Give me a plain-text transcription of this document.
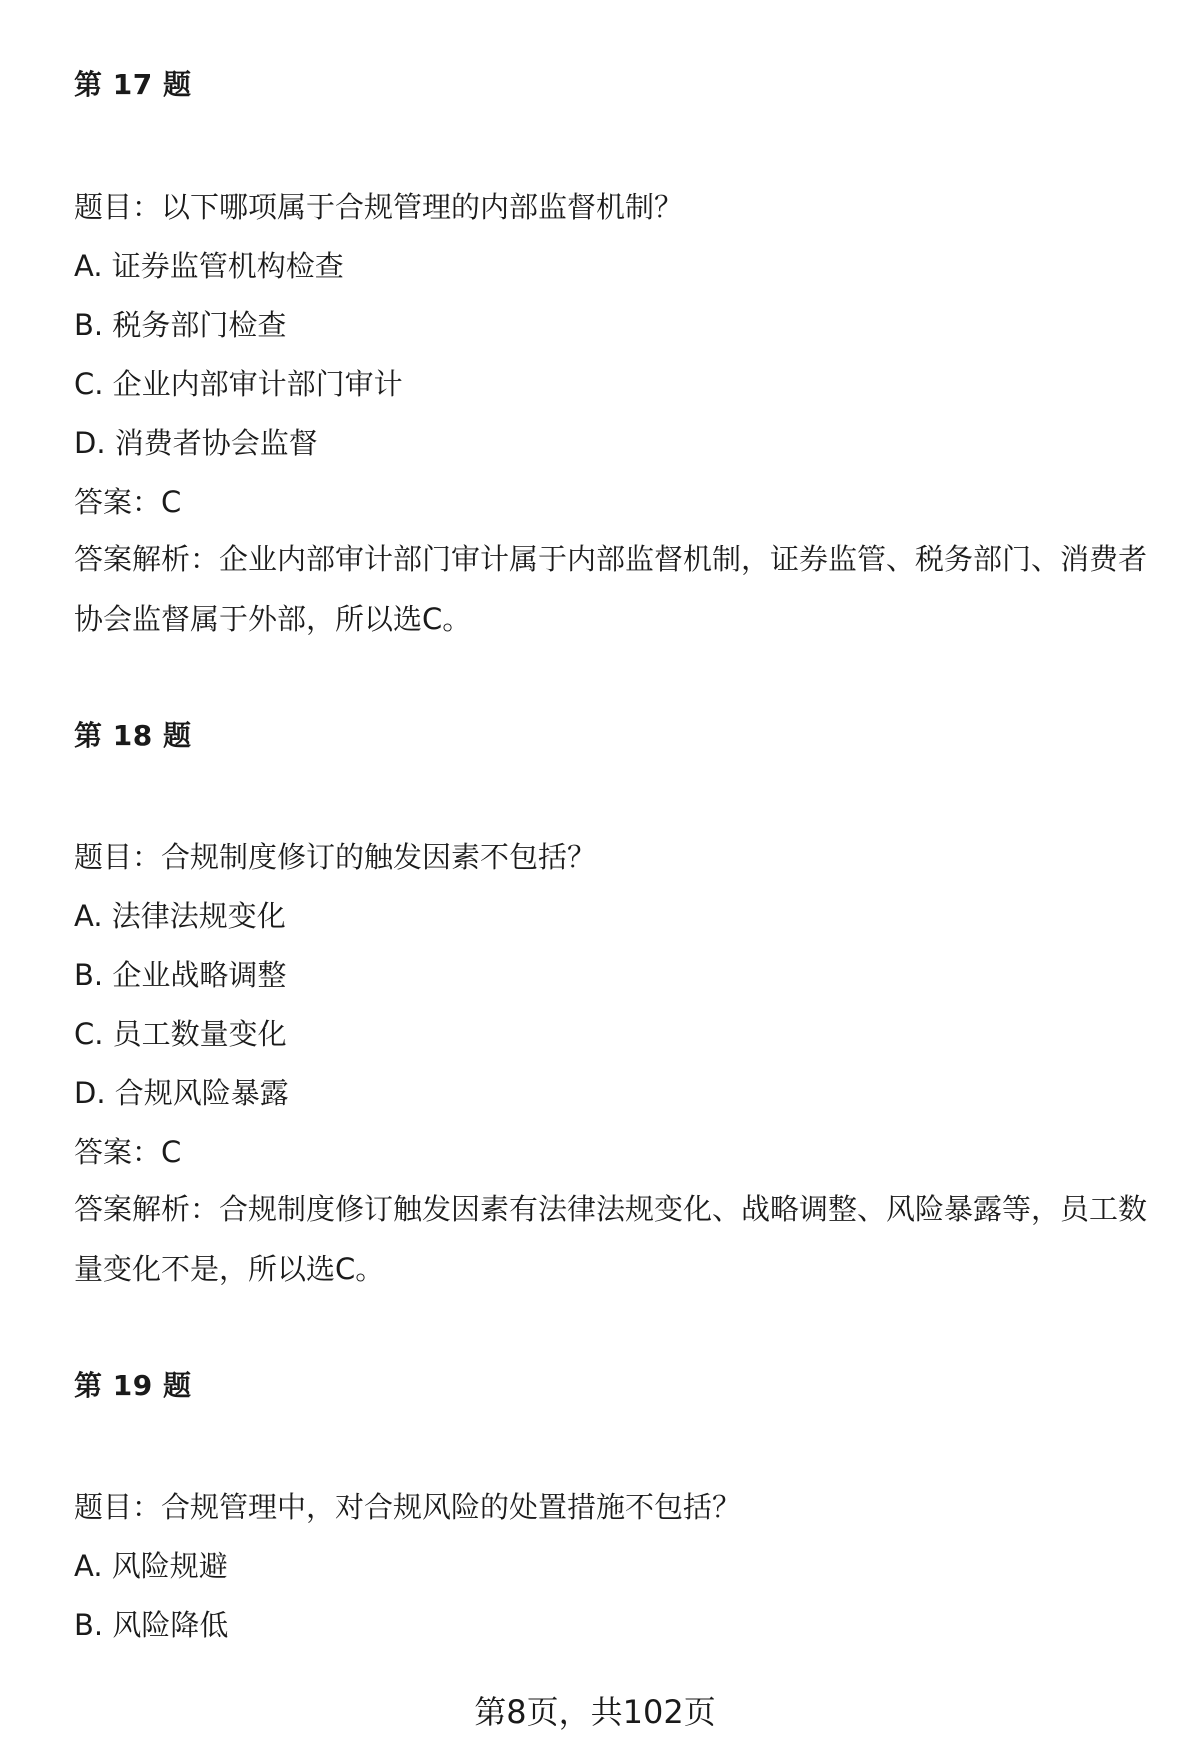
第 17 题
题目：以下哪项属于合规管理的内部监督机制？
A. 证券监管机构检查
B. 税务部门检查
C. 企业内部审计部门审计
D. 消费者协会监督
答案：C
答案解析：企业内部审计部门审计属于内部监督机制，证券监管、税务部门、消费者协会监督属于外部，所以选C。
第 18 题
题目：合规制度修订的触发因素不包括？
A. 法律法规变化
B. 企业战略调整
C. 员工数量变化
D. 合规风险暴露
答案：C
答案解析：合规制度修订触发因素有法律法规变化、战略调整、风险暴露等，员工数量变化不是，所以选C。
第 19 题
题目：合规管理中，对合规风险的处置措施不包括？
A. 风险规避
B. 风险降低
第8页，共102页
